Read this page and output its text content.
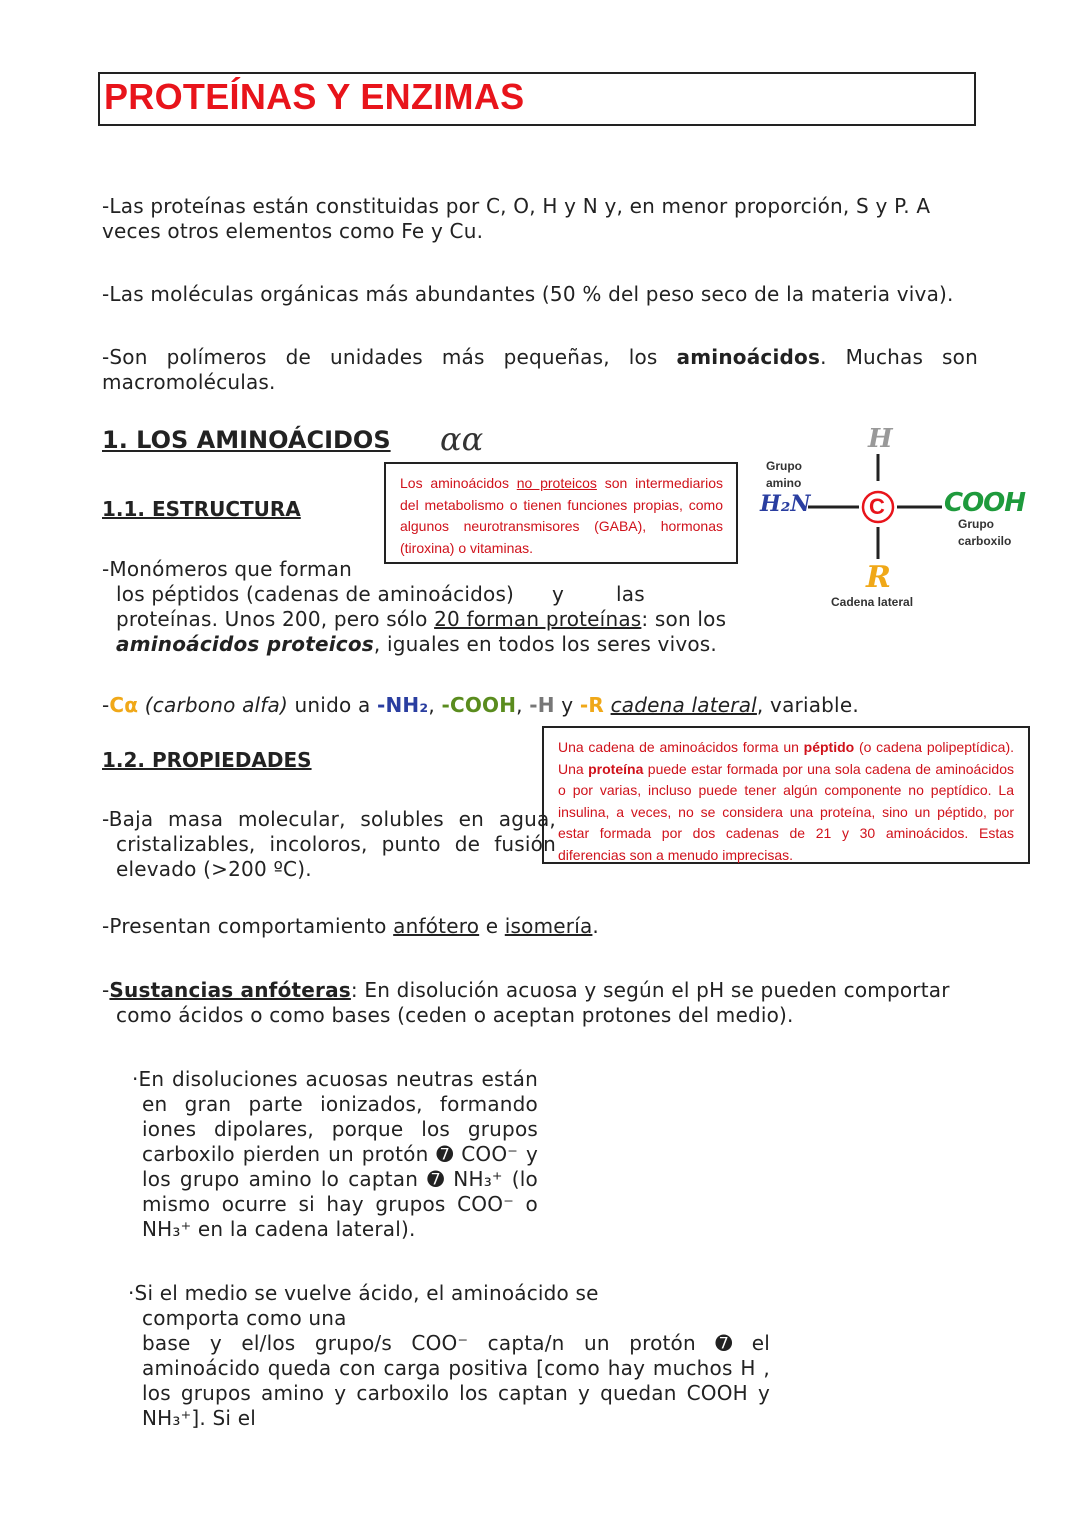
PROTEÍNAS Y ENZIMAS
-Las proteínas están constituidas por C, O, H y N y, en menor proporción, S y P. A veces otros elementos como Fe y Cu.
-Las moléculas orgánicas más abundantes (50 % del peso seco de la materia viva).
-Son polímeros de unidades más pequeñas, los aminoácidos. Muchas son macromoléculas.
1. LOS AMINOÁCIDOS αα
1.1. ESTRUCTURA
Los aminoácidos no proteicos son intermediarios del metabolismo o tienen funciones propias, como algunos neurotransmisores (GABA), hormonas (tiroxina) o vitaminas.
H
Grupo amino
H₂N	C COOH
Grupo carboxilo
R
Cadena lateral
-Monómeros que forman
los péptidos (cadenas de aminoácidos) y	las
proteínas. Unos 200, pero sólo 20 forman proteínas: son los
aminoácidos proteicos, iguales en todos los seres vivos.
-Cα (carbono alfa) unido a -NH₂, -COOH, -H y -R cadena lateral, variable.
1.2. PROPIEDADES
Una cadena de aminoácidos forma un péptido (o cadena polipeptídica). Una proteína puede estar formada por una sola cadena de aminoácidos o por varias, incluso puede tener algún componente no peptídico. La insulina, a veces, no se considera una proteína, sino un péptido, por estar formada por dos cadenas de 21 y 30 aminoácidos. Estas diferencias son a menudo imprecisas.
-Baja masa molecular, solubles en agua, cristalizables, incoloros, punto de fusión elevado (>200 ºC).
-Presentan comportamiento anfótero e isomería.
-Sustancias anfóteras: En disolución acuosa y según el pH se pueden comportar como ácidos o como bases (ceden o aceptan protones del medio).
·En disoluciones acuosas neutras están en gran parte ionizados, formando iones dipolares, porque los grupos carboxilo pierden un protón ➐ COO⁻ y los grupo amino lo captan ➐ NH₃⁺ (lo mismo ocurre si hay grupos COO⁻ o NH₃⁺ en la cadena lateral).
·Si el medio se vuelve ácido, el aminoácido se
comporta como una
base y el/los grupo/s COO⁻ capta/n un protón ➐ el aminoácido queda con carga positiva [como hay muchos H , los grupos amino y carboxilo los captan y quedan COOH y NH₃⁺]. Si el
